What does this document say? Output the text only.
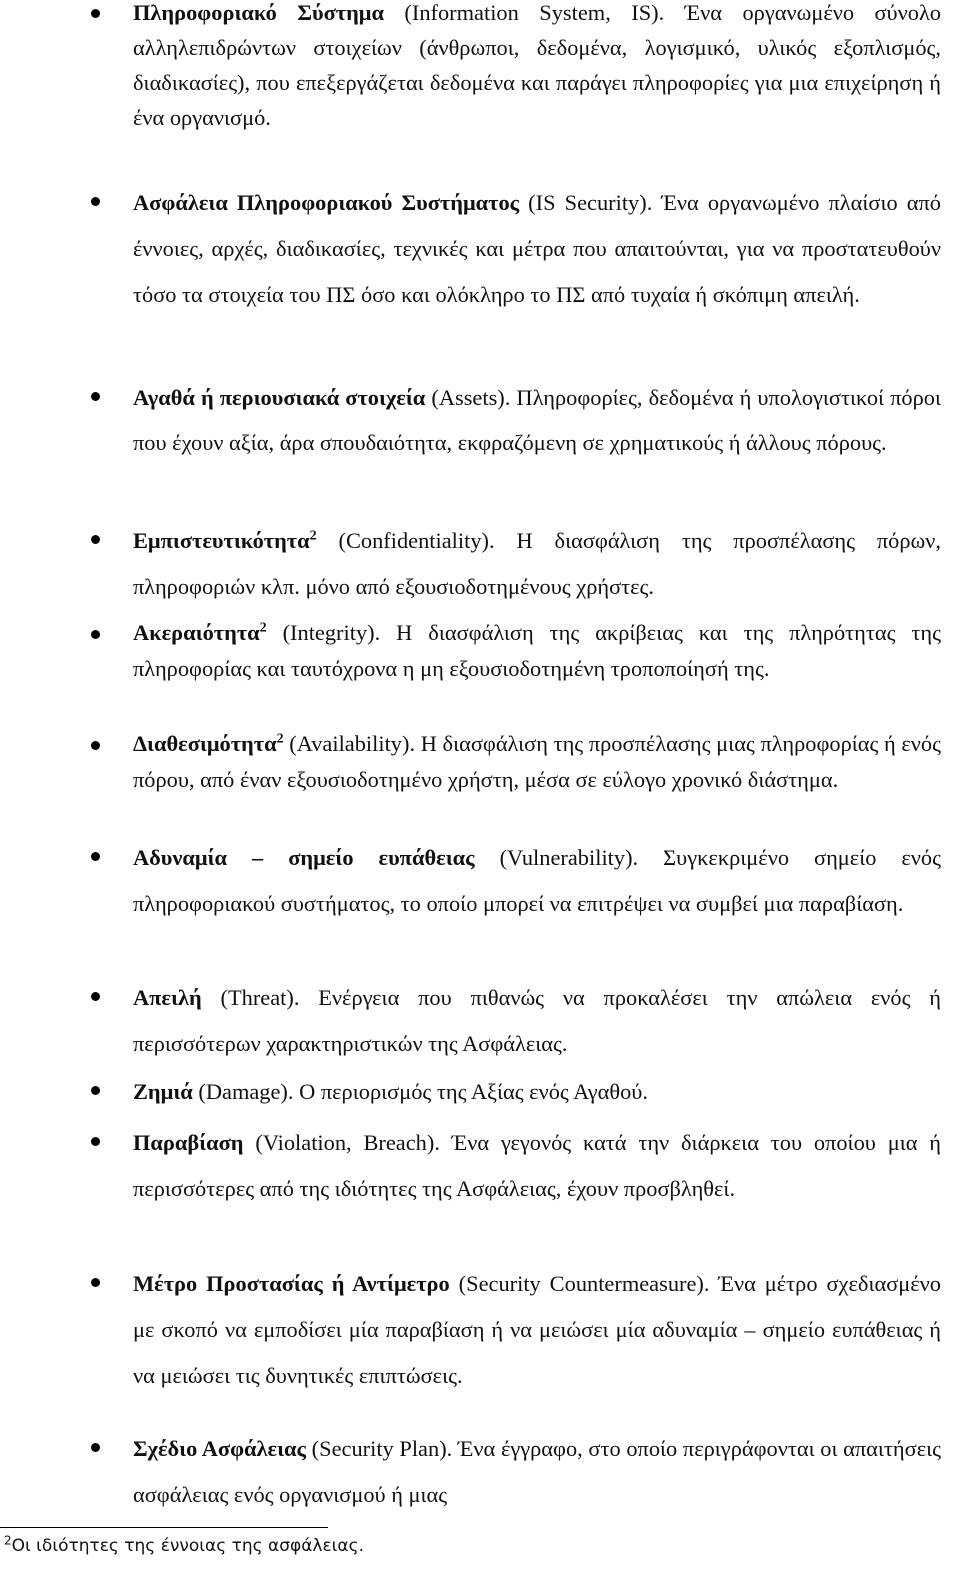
Πληροφοριακό Σύστημα (Information System, IS). Ένα οργανωμένο σύνολο αλληλεπιδρώντων στοιχείων (άνθρωποι, δεδομένα, λογισμικό, υλικός εξοπλισμός, διαδικασίες), που επεξεργάζεται δεδομένα και παράγει πληροφορίες για μια επιχείρηση ή ένα οργανισμό.

Ασφάλεια Πληροφοριακού Συστήματος (IS Security). Ένα οργανωμένο πλαίσιο από έννοιες, αρχές, διαδικασίες, τεχνικές και μέτρα που απαιτούνται, για να προστατευθούν τόσο τα στοιχεία του ΠΣ όσο και ολόκληρο το ΠΣ από τυχαία ή σκόπιμη απειλή.

Αγαθά ή περιουσιακά στοιχεία (Assets). Πληροφορίες, δεδομένα ή υπολογιστικοί πόροι που έχουν αξία, άρα σπουδαιότητα, εκφραζόμενη σε χρηματικούς ή άλλους πόρους.

Εμπιστευτικότητα$^2$ (Confidentiality). Η διασφάλιση της προσπέλασης πόρων, πληροφοριών κλπ. μόνο από εξουσιοδοτημένους χρήστες.

Ακεραιότητα$^2$ (Integrity). Η διασφάλιση της ακρίβειας και της πληρότητας της πληροφορίας και ταυτόχρονα η μη εξουσιοδοτημένη τροποποίησή της.

Διαθεσιμότητα$^2$ (Availability). Η διασφάλιση της προσπέλασης μιας πληροφορίας ή ενός πόρου, από έναν εξουσιοδοτημένο χρήστη, μέσα σε εύλογο χρονικό διάστημα.

Αδυναμία – σημείο ευπάθειας (Vulnerability). Συγκεκριμένο σημείο ενός πληροφοριακού συστήματος, το οποίο μπορεί να επιτρέψει να συμβεί μια παραβίαση.

Απειλή (Threat). Ενέργεια που πιθανώς να προκαλέσει την απώλεια ενός ή περισσότερων χαρακτηριστικών της Ασφάλειας.

Ζημιά (Damage). Ο περιορισμός της Αξίας ενός Αγαθού.

Παραβίαση (Violation, Breach). Ένα γεγονός κατά την διάρκεια του οποίου μια ή περισσότερες από της ιδιότητες της Ασφάλειας, έχουν προσβληθεί.

Μέτρο Προστασίας ή Αντίμετρο (Security Countermeasure). Ένα μέτρο σχεδιασμένο με σκοπό να εμποδίσει μία παραβίαση ή να μειώσει μία αδυναμία – σημείο ευπάθειας ή να μειώσει τις δυνητικές επιπτώσεις.

Σχέδιο Ασφάλειας (Security Plan). Ένα έγγραφο, στο οποίο περιγράφονται οι απαιτήσεις ασφάλειας ενός οργανισμού ή μιας

$^2$Οι ιδιότητες της έννοιας της ασφάλειας.
